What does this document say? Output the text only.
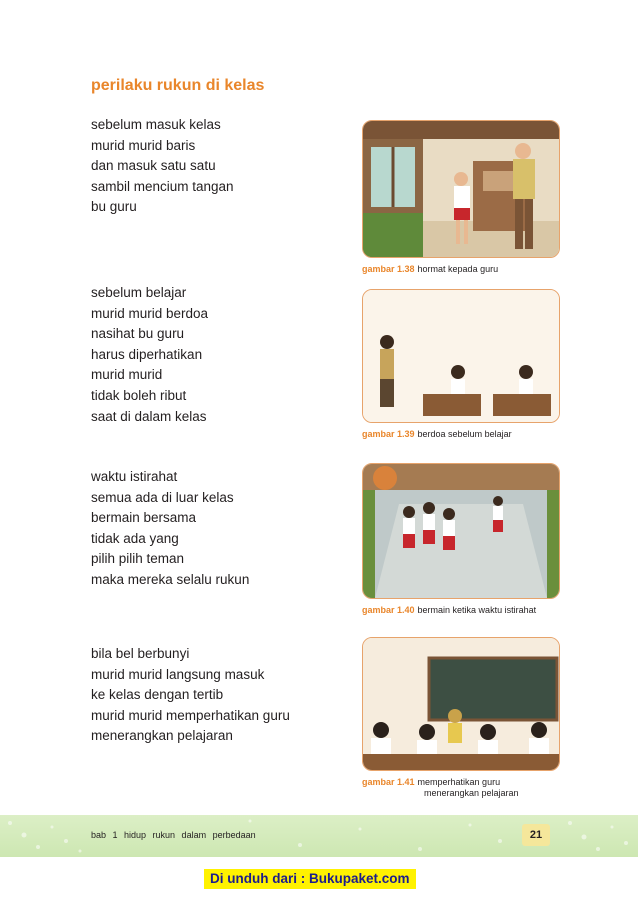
perilaku rukun di kelas
sebelum masuk kelas
murid murid baris
dan masuk satu satu
sambil mencium tangan
bu guru
sebelum belajar
murid murid berdoa
nasihat bu guru
harus diperhatikan
murid murid
tidak boleh ribut
saat di dalam kelas
waktu istirahat
semua ada di luar kelas
bermain bersama
tidak ada yang
pilih pilih teman
maka mereka selalu rukun
bila bel berbunyi
murid murid langsung masuk
ke kelas dengan tertib
murid murid memperhatikan guru
menerangkan pelajaran
gambar 1.38 hormat kepada guru
gambar 1.39 berdoa sebelum belajar
gambar 1.40 bermain ketika waktu istirahat
gambar 1.41 memperhatikan guru
menerangkan pelajaran
bab 1 hidup rukun dalam perbedaan	21
Di unduh dari : Bukupaket.com
